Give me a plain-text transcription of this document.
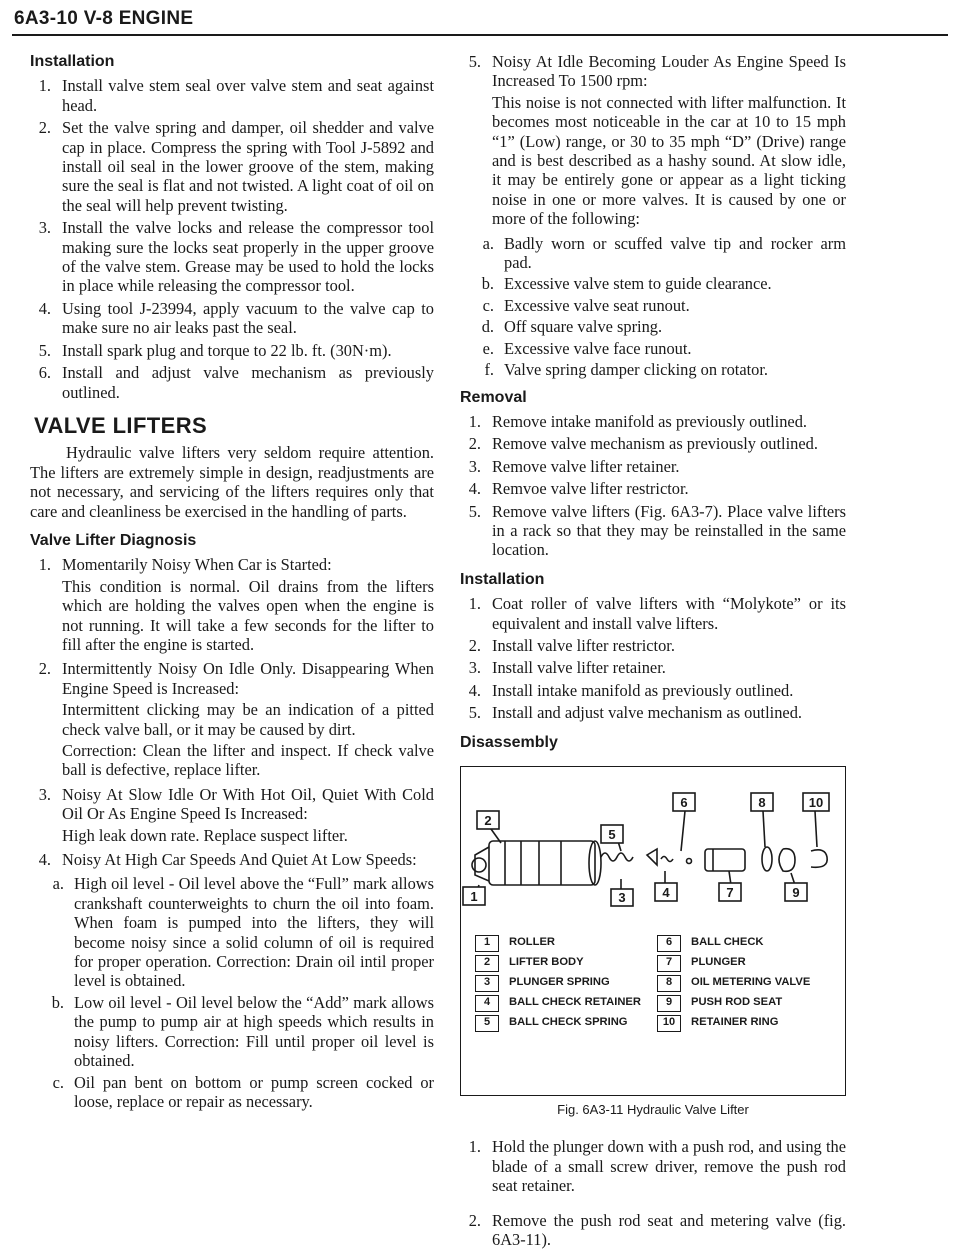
6A3-10 V-8 ENGINE
Installation
1. Install valve stem seal over valve stem and seat against head.
2. Set the valve spring and damper, oil shedder and valve cap in place. Compress the spring with Tool J-5892 and install oil seal in the lower groove of the stem, making sure the seal is flat and not twisted. A light coat of oil on the seal will help prevent twisting.
3. Install the valve locks and release the compressor tool making sure the locks seat properly in the upper groove of the valve stem. Grease may be used to hold the locks in place while releasing the compressor tool.
4. Using tool J-23994, apply vacuum to the valve cap to make sure no air leaks past the seal.
5. Install spark plug and torque to 22 lb. ft. (30N·m).
6. Install and adjust valve mechanism as previously outlined.
VALVE LIFTERS
Hydraulic valve lifters very seldom require attention. The lifters are extremely simple in design, readjustments are not necessary, and servicing of the lifters requires only that care and cleanliness be exercised in the handling of parts.
Valve Lifter Diagnosis
1. Momentarily Noisy When Car is Started:

This condition is normal. Oil drains from the lifters which are holding the valves open when the engine is not running. It will take a few seconds for the lifter to fill after the engine is started.

2. Intermittently Noisy On Idle Only. Disappearing When Engine Speed is Increased:

Intermittent clicking may be an indication of a pitted check valve ball, or it may be caused by dirt.

Correction: Clean the lifter and inspect. If check valve ball is defective, replace lifter.

3. Noisy At Slow Idle Or With Hot Oil, Quiet With Cold Oil Or As Engine Speed Is Increased:

High leak down rate. Replace suspect lifter.

4. Noisy At High Car Speeds And Quiet At Low Speeds:

a. High oil level - Oil level above the “Full” mark allows crankshaft counterweights to churn the oil into foam. When foam is pumped into the lifters, they will become noisy since a solid column of oil is required for proper operation. Correction: Drain oil intil proper level is obtained.
b. Low oil level - Oil level below the “Add” mark allows the pump to pump air at high speeds which results in noisy lifters. Correction: Fill until proper oil level is obtained.
c. Oil pan bent on bottom or pump screen cocked or loose, replace or repair as necessary.
5. Noisy At Idle Becoming Louder As Engine Speed Is Increased To 1500 rpm:

This noise is not connected with lifter malfunction. It becomes most noticeable in the car at 10 to 15 mph “1” (Low) range, or 30 to 35 mph “D” (Drive) range and is best described as a hashy sound. At slow idle, it may be entirely gone or appear as a light ticking noise in one or more valves. It is caused by one or more of the following:

a. Badly worn or scuffed valve tip and rocker arm pad.
b. Excessive valve stem to guide clearance.
c. Excessive valve seat runout.
d. Off square valve spring.
e. Excessive valve face runout.
f. Valve spring damper clicking on rotator.
Removal
1. Remove intake manifold as previously outlined.
2. Remove valve mechanism as previously outlined.
3. Remove valve lifter retainer.
4. Remvoe valve lifter restrictor.
5. Remove valve lifters (Fig. 6A3-7). Place valve lifters in a rack so that they may be reinstalled in the same location.
Installation
1. Coat roller of valve lifters with “Molykote” or its equivalent and install valve lifters.
2. Install valve lifter restrictor.
3. Install valve lifter retainer.
4. Install intake manifold as previously outlined.
5. Install and adjust valve mechanism as outlined.
Disassembly
2
5
6	8	10
1	3	4	7	9
1	ROLLER
2	LIFTER BODY
3	PLUNGER SPRING
4	BALL CHECK RETAINER
5	BALL CHECK SPRING
6	BALL CHECK
7	PLUNGER
8	OIL METERING VALVE
9	PUSH ROD SEAT
10	RETAINER RING
Fig. 6A3-11 Hydraulic Valve Lifter
1. Hold the plunger down with a push rod, and using the blade of a small screw driver, remove the push rod seat retainer.
2. Remove the push rod seat and metering valve (fig. 6A3-11).
